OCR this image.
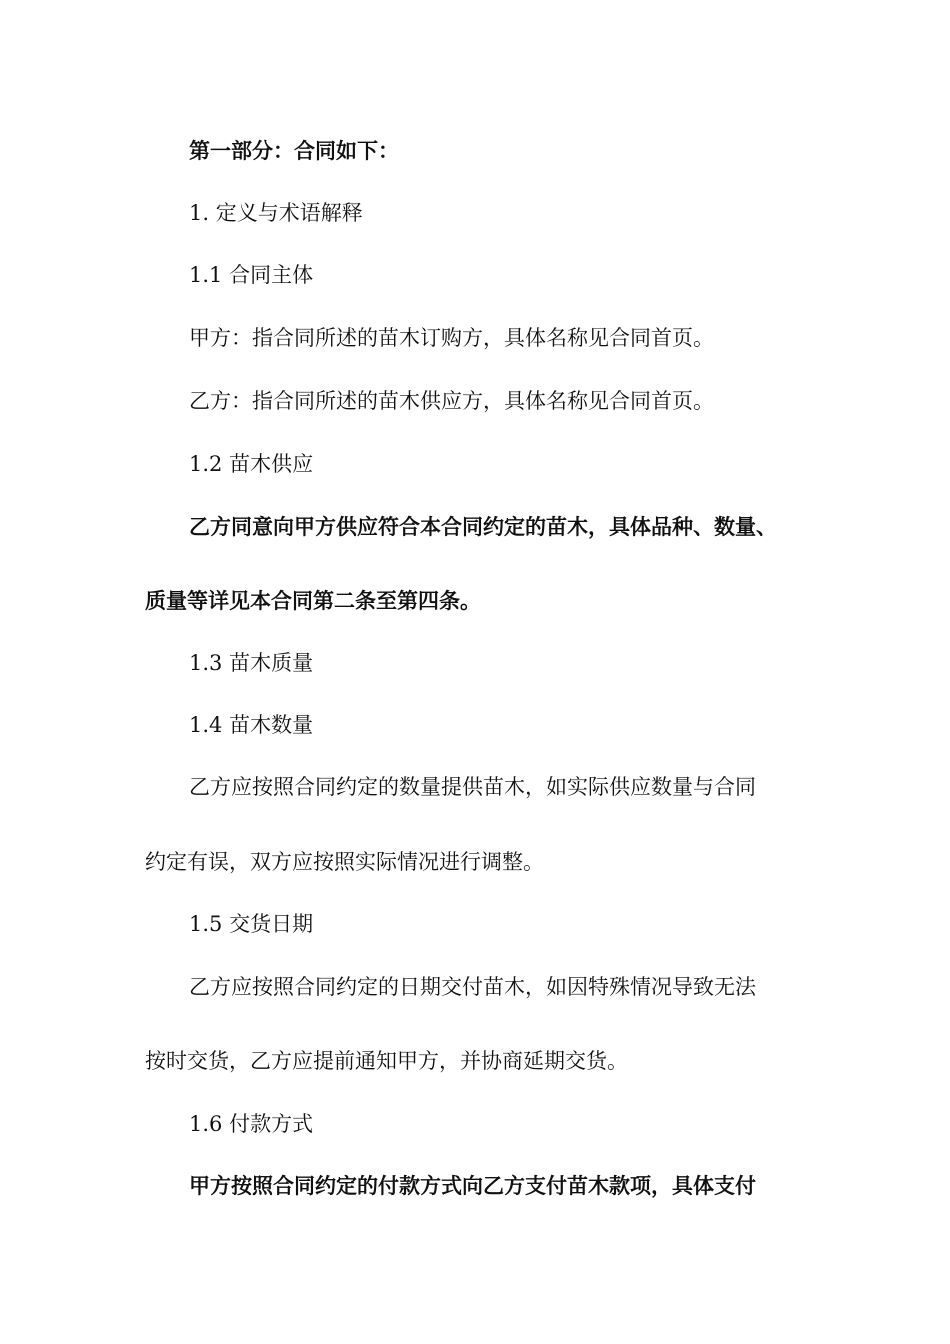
第一部分：合同如下：
1. 定义与术语解释
1.1 合同主体
甲方：指合同所述的苗木订购方，具体名称见合同首页。
乙方：指合同所述的苗木供应方，具体名称见合同首页。
1.2 苗木供应
乙方同意向甲方供应符合本合同约定的苗木，具体品种、数量、
质量等详见本合同第二条至第四条。
1.3 苗木质量
1.4 苗木数量
乙方应按照合同约定的数量提供苗木，如实际供应数量与合同
约定有误，双方应按照实际情况进行调整。
1.5 交货日期
乙方应按照合同约定的日期交付苗木，如因特殊情况导致无法
按时交货，乙方应提前通知甲方，并协商延期交货。
1.6 付款方式
甲方按照合同约定的付款方式向乙方支付苗木款项，具体支付
